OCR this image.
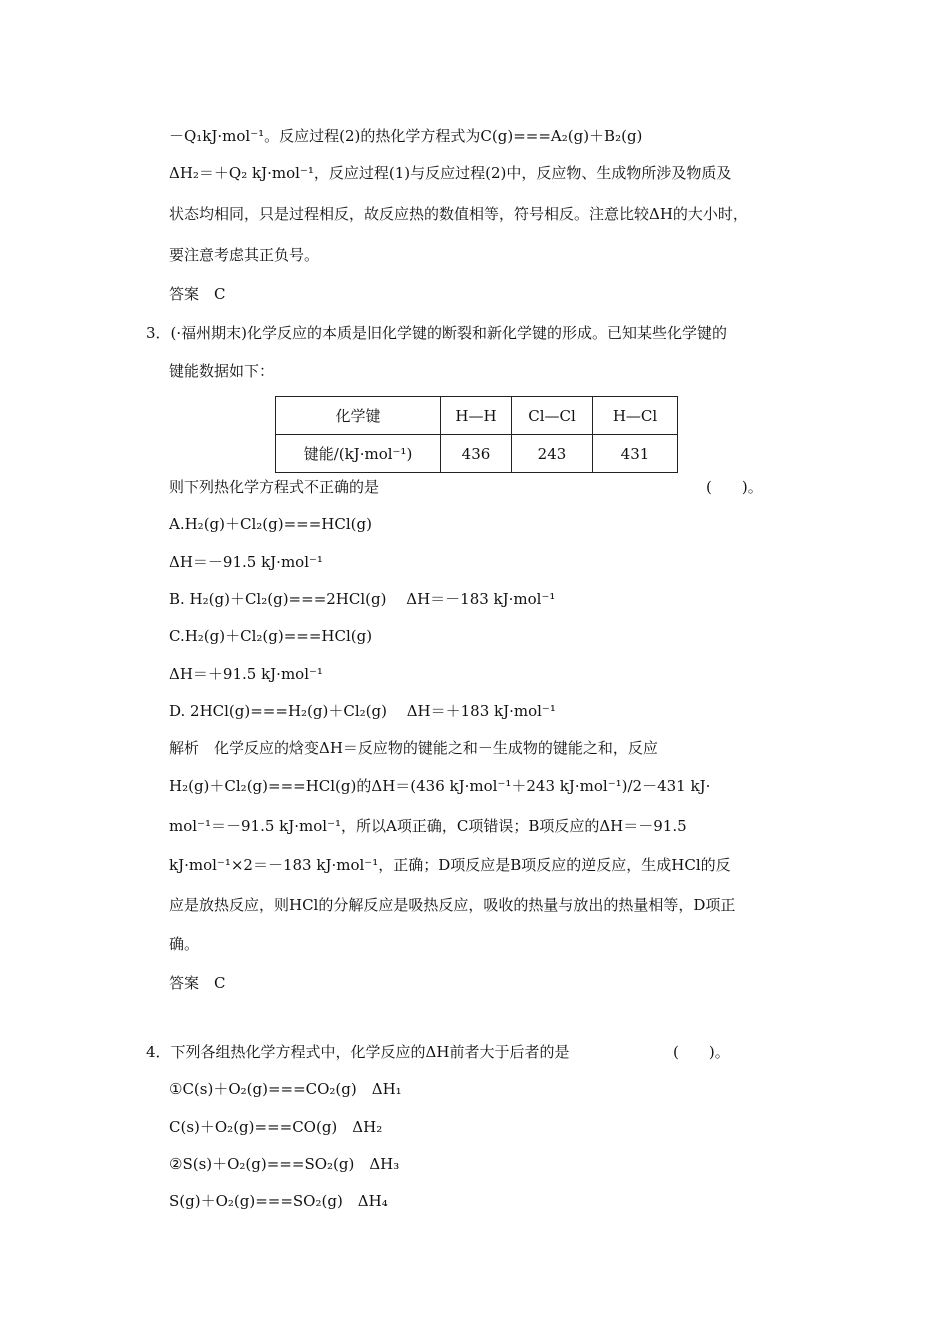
－Q₁kJ·mol⁻¹。反应过程(2)的热化学方程式为C(g)===A₂(g)＋B₂(g)
ΔH₂＝＋Q₂ kJ·mol⁻¹，反应过程(1)与反应过程(2)中，反应物、生成物所涉及物质及
状态均相同，只是过程相反，故反应热的数值相等，符号相反。注意比较ΔH的大小时，
要注意考虑其正负号。
答案　C
3．(·福州期末)化学反应的本质是旧化学键的断裂和新化学键的形成。已知某些化学键的
键能数据如下：
化学键	H—H	Cl—Cl	H—Cl
键能/(kJ·mol⁻¹)	436	243	431
则下列热化学方程式不正确的是	(　　)。
A.H₂(g)＋Cl₂(g)===HCl(g)
ΔH＝－91.5 kJ·mol⁻¹
B. H₂(g)＋Cl₂(g)===2HCl(g)　 ΔH＝－183 kJ·mol⁻¹
C.H₂(g)＋Cl₂(g)===HCl(g)
ΔH＝＋91.5 kJ·mol⁻¹
D. 2HCl(g)===H₂(g)＋Cl₂(g)　 ΔH＝＋183 kJ·mol⁻¹
解析　化学反应的焓变ΔH＝反应物的键能之和－生成物的键能之和，反应
H₂(g)＋Cl₂(g)===HCl(g)的ΔH＝(436 kJ·mol⁻¹＋243 kJ·mol⁻¹)/2－431 kJ·
mol⁻¹＝－91.5 kJ·mol⁻¹，所以A项正确，C项错误；B项反应的ΔH＝－91.5
kJ·mol⁻¹×2＝－183 kJ·mol⁻¹，正确；D项反应是B项反应的逆反应，生成HCl的反
应是放热反应，则HCl的分解反应是吸热反应，吸收的热量与放出的热量相等，D项正
确。
答案　C
4．下列各组热化学方程式中，化学反应的ΔH前者大于后者的是	(　　)。
①C(s)＋O₂(g)===CO₂(g)　ΔH₁
C(s)＋O₂(g)===CO(g)　ΔH₂
②S(s)＋O₂(g)===SO₂(g)　ΔH₃
S(g)＋O₂(g)===SO₂(g)　ΔH₄
